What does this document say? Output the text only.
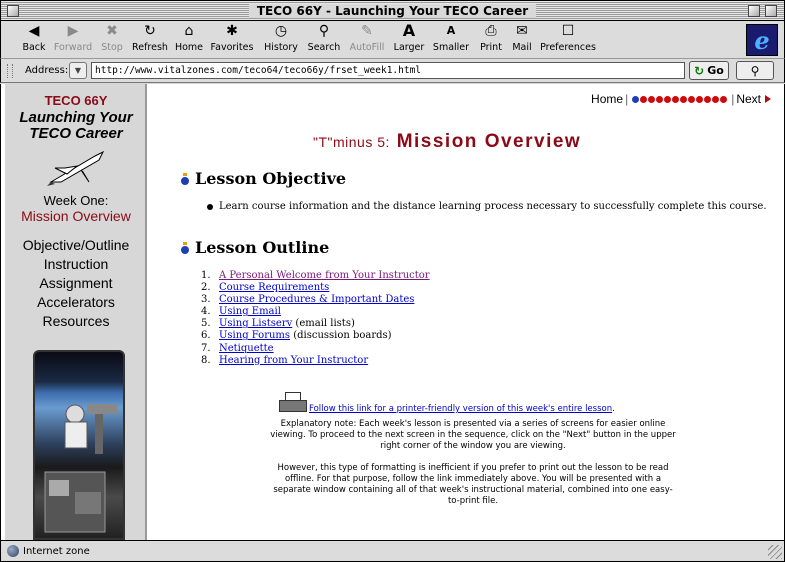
TECO 66Y - Launching Your TECO Career
◀
Back
▶
Forward
✖
Stop
↻
Refresh
⌂
Home
✱
Favorites
◷
History
⚲
Search
✎
AutoFill
A
Larger
A
Smaller
⎙
Print
✉
Mail
☐
Preferences	e
Address: ▼	http://www.vitalzones.com/teco64/teco66y/frset_week1.html	↻ Go ⚲
TECO 66Y
Launching Your TECO Career
Week One:
Mission Overview
Objective/Outline
Instruction
Assignment
Accelerators
Resources
Home |	| Next
"T"minus 5: Mission Overview
Lesson Objective
Learn course information and the distance learning process necessary to successfully complete this course.
Lesson Outline
1. A Personal Welcome from Your Instructor
2. Course Requirements
3. Course Procedures & Important Dates
4. Using Email
5. Using Listserv (email lists)
6. Using Forums (discussion boards)
7. Netiquette
8. Hearing from Your Instructor
Follow this link for a printer-friendly version of this week's entire lesson.
Explanatory note: Each week's lesson is presented via a series of screens for easier online viewing. To proceed to the next screen in the sequence, click on the "Next" button in the upper right corner of the window you are viewing.
However, this type of formatting is inefficient if you prefer to print out the lesson to be read offline. For that purpose, follow the link immediately above. You will be presented with a separate window containing all of that week's instructional material, combined into one easy-to-print file.
Internet zone
